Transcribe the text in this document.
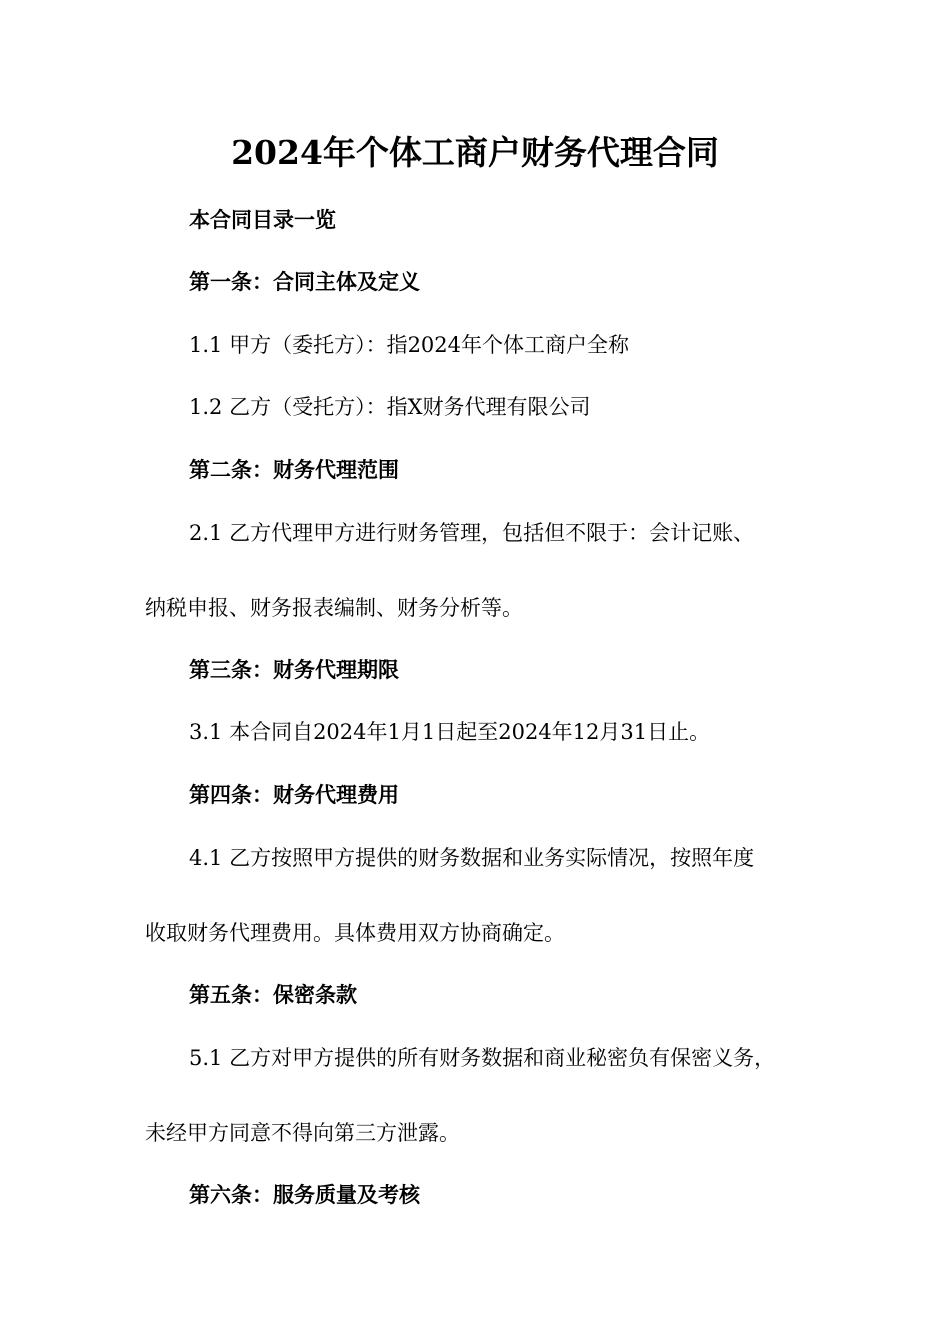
2024年个体工商户财务代理合同
本合同目录一览
第一条：合同主体及定义
1.1 甲方（委托方）：指2024年个体工商户全称
1.2 乙方（受托方）：指X财务代理有限公司
第二条：财务代理范围
2.1 乙方代理甲方进行财务管理，包括但不限于：会计记账、
纳税申报、财务报表编制、财务分析等。
第三条：财务代理期限
3.1 本合同自2024年1月1日起至2024年12月31日止。
第四条：财务代理费用
4.1 乙方按照甲方提供的财务数据和业务实际情况，按照年度
收取财务代理费用。具体费用双方协商确定。
第五条：保密条款
5.1 乙方对甲方提供的所有财务数据和商业秘密负有保密义务，
未经甲方同意不得向第三方泄露。
第六条：服务质量及考核
